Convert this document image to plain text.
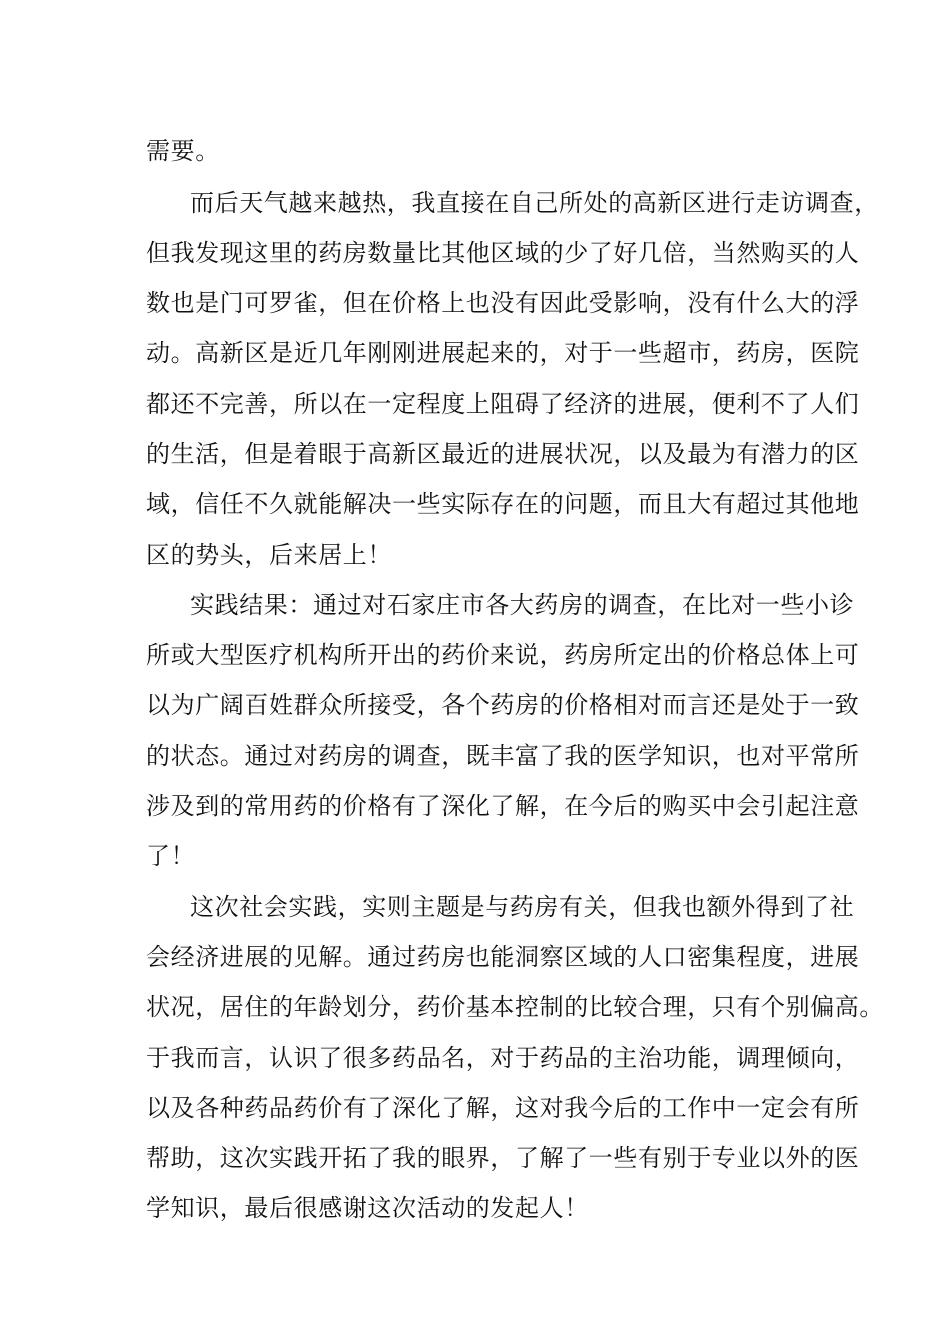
需要。
而后天气越来越热，我直接在自己所处的高新区进行走访调查，
但我发现这里的药房数量比其他区域的少了好几倍，当然购买的人
数也是门可罗雀，但在价格上也没有因此受影响，没有什么大的浮
动。高新区是近几年刚刚进展起来的，对于一些超市，药房，医院
都还不完善，所以在一定程度上阻碍了经济的进展，便利不了人们
的生活，但是着眼于高新区最近的进展状况，以及最为有潜力的区
域，信任不久就能解决一些实际存在的问题，而且大有超过其他地
区的势头，后来居上！
实践结果：通过对石家庄市各大药房的调查，在比对一些小诊
所或大型医疗机构所开出的药价来说，药房所定出的价格总体上可
以为广阔百姓群众所接受，各个药房的价格相对而言还是处于一致
的状态。通过对药房的调查，既丰富了我的医学知识，也对平常所
涉及到的常用药的价格有了深化了解，在今后的购买中会引起注意
了！
这次社会实践，实则主题是与药房有关，但我也额外得到了社
会经济进展的见解。通过药房也能洞察区域的人口密集程度，进展
状况，居住的年龄划分，药价基本控制的比较合理，只有个别偏高。
于我而言，认识了很多药品名，对于药品的主治功能，调理倾向，
以及各种药品药价有了深化了解，这对我今后的工作中一定会有所
帮助，这次实践开拓了我的眼界，了解了一些有别于专业以外的医
学知识，最后很感谢这次活动的发起人！
